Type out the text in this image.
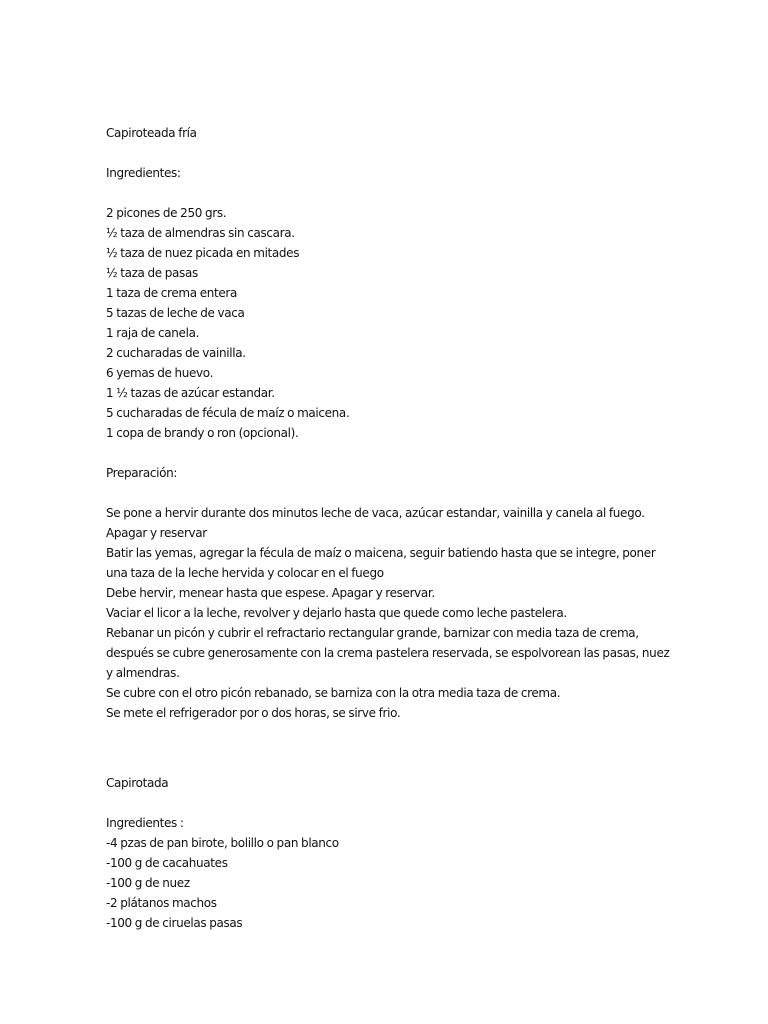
Capiroteada fría
Ingredientes:

2 picones de 250 grs.

½ taza de almendras sin cascara.

½ taza de nuez picada en mitades

½ taza de pasas

1 taza de crema entera

5 tazas de leche de vaca

1 raja de canela.

2 cucharadas de vainilla.

6 yemas de huevo.

1 ½ tazas de azúcar estandar.

5 cucharadas de fécula de maíz o maicena.

1 copa de brandy o ron (opcional).

Preparación:

Se pone a hervir durante dos minutos leche de vaca, azúcar estandar, vainilla y canela al fuego.

Apagar y reservar

Batir las yemas, agregar la fécula de maíz o maicena, seguir batiendo hasta que se integre, poner

una taza de la leche hervida y colocar en el fuego

Debe hervir, menear hasta que espese. Apagar y reservar.

Vaciar el licor a la leche, revolver y dejarlo hasta que quede como leche pastelera.

Rebanar un picón y cubrir el refractario rectangular grande, barnizar con media taza de crema,

después se cubre generosamente con la crema pastelera reservada, se espolvorean las pasas, nuez

y almendras.

Se cubre con el otro picón rebanado, se barniza con la otra media taza de crema.

Se mete el refrigerador por o dos horas, se sirve frio.

Capirotada
Ingredientes :

-4 pzas de pan birote, bolillo o pan blanco

-100 g de cacahuates

-100 g de nuez

-2 plátanos machos

-100 g de ciruelas pasas
